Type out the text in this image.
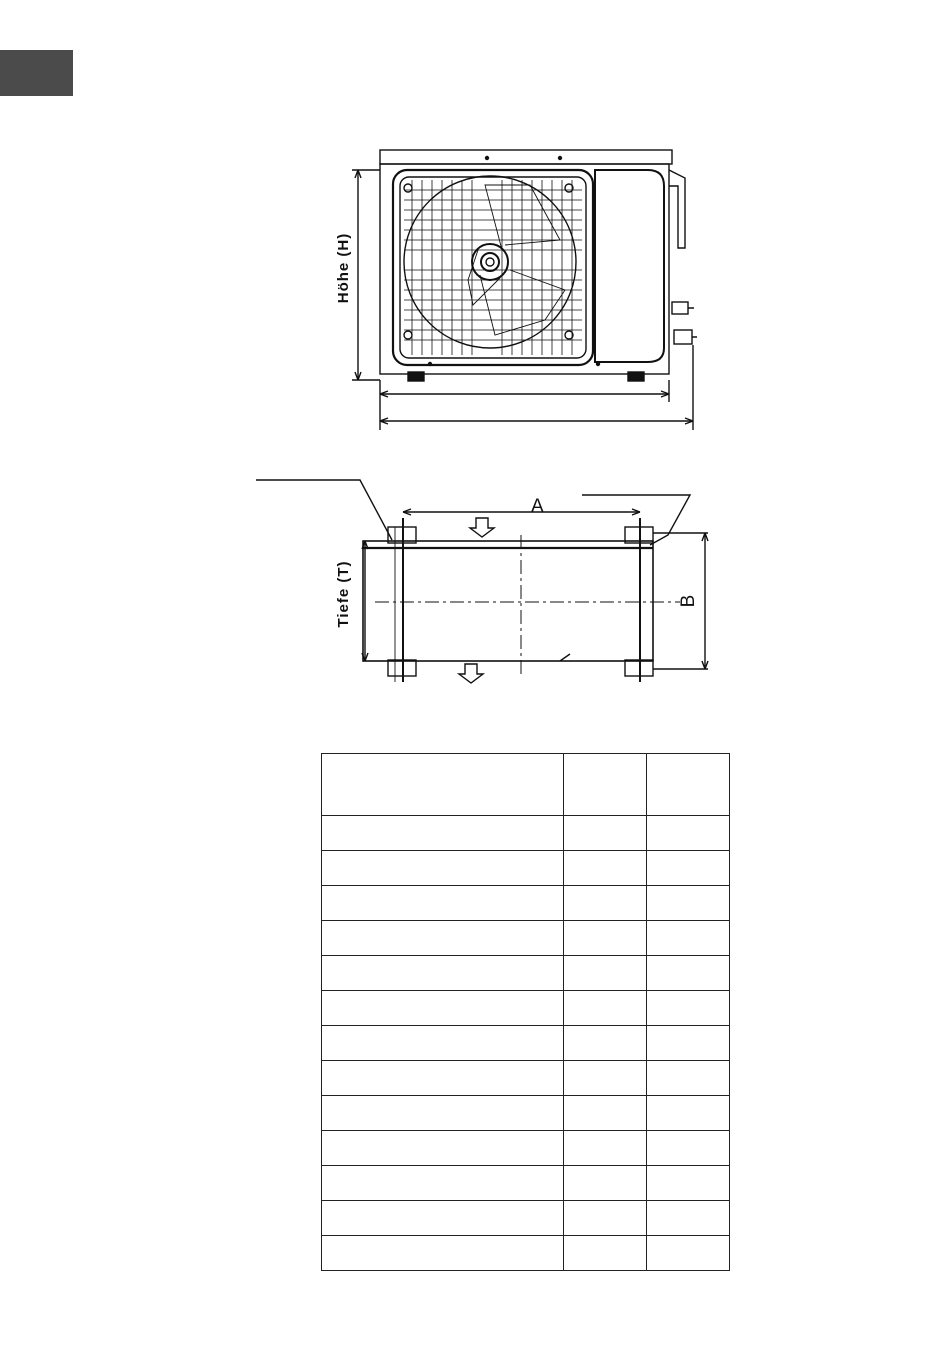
Höhe (H)
A
B
Tiefe (T)
